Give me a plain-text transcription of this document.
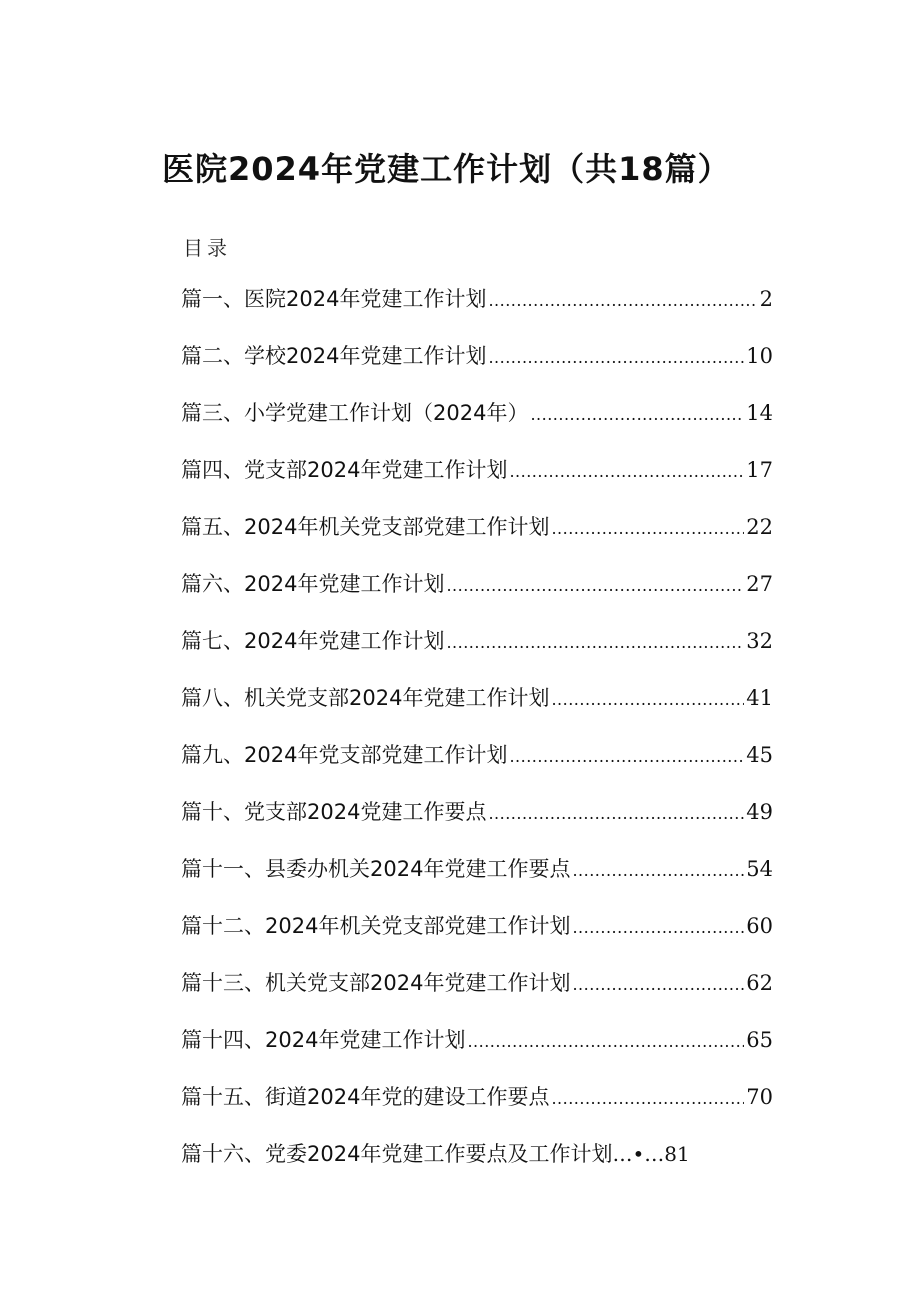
医院2024年党建工作计划（共18篇）
目录
篇一、医院2024年党建工作计划 .....	2
篇二、学校2024年党建工作计划 .....	10
篇三、小学党建工作计划（2024年） .....	14
篇四、党支部2024年党建工作计划 .....	17
篇五、2024年机关党支部党建工作计划 .....	22
篇六、2024年党建工作计划 .....	27
篇七、2024年党建工作计划 .....	32
篇八、机关党支部2024年党建工作计划 .....	41
篇九、2024年党支部党建工作计划 .....	45
篇十、党支部2024党建工作要点 .....	49
篇十一、县委办机关2024年党建工作要点 .....	54
篇十二、2024年机关党支部党建工作计划 .....	60
篇十三、机关党支部2024年党建工作计划 .....	62
篇十四、2024年党建工作计划 .....	65
篇十五、街道2024年党的建设工作要点 .....	70
篇十六、党委2024年党建工作要点及工作计划 …•…81
